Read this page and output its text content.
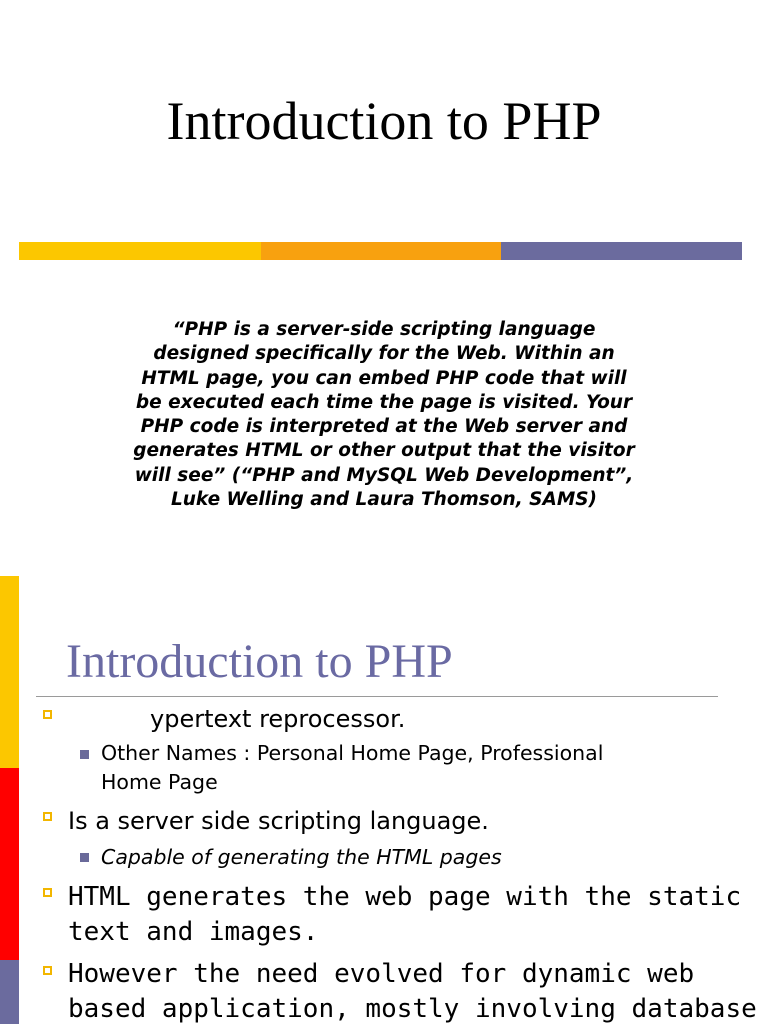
Introduction to PHP
“PHP is a server-side scripting language
designed specifically for the Web. Within an
HTML page, you can embed PHP code that will
be executed each time the page is visited. Your
PHP code is interpreted at the Web server and
generates HTML or other output that the visitor
will see” (“PHP and MySQL Web Development”,
Luke Welling and Laura Thomson, SAMS)
Introduction to PHP
ypertext reprocessor.
Other Names : Personal Home Page, Professional
Home Page
Is a server side scripting language.
Capable of generating the HTML pages
HTML generates the web page with the static
text and images.
However the need evolved for dynamic web
based application, mostly involving database
